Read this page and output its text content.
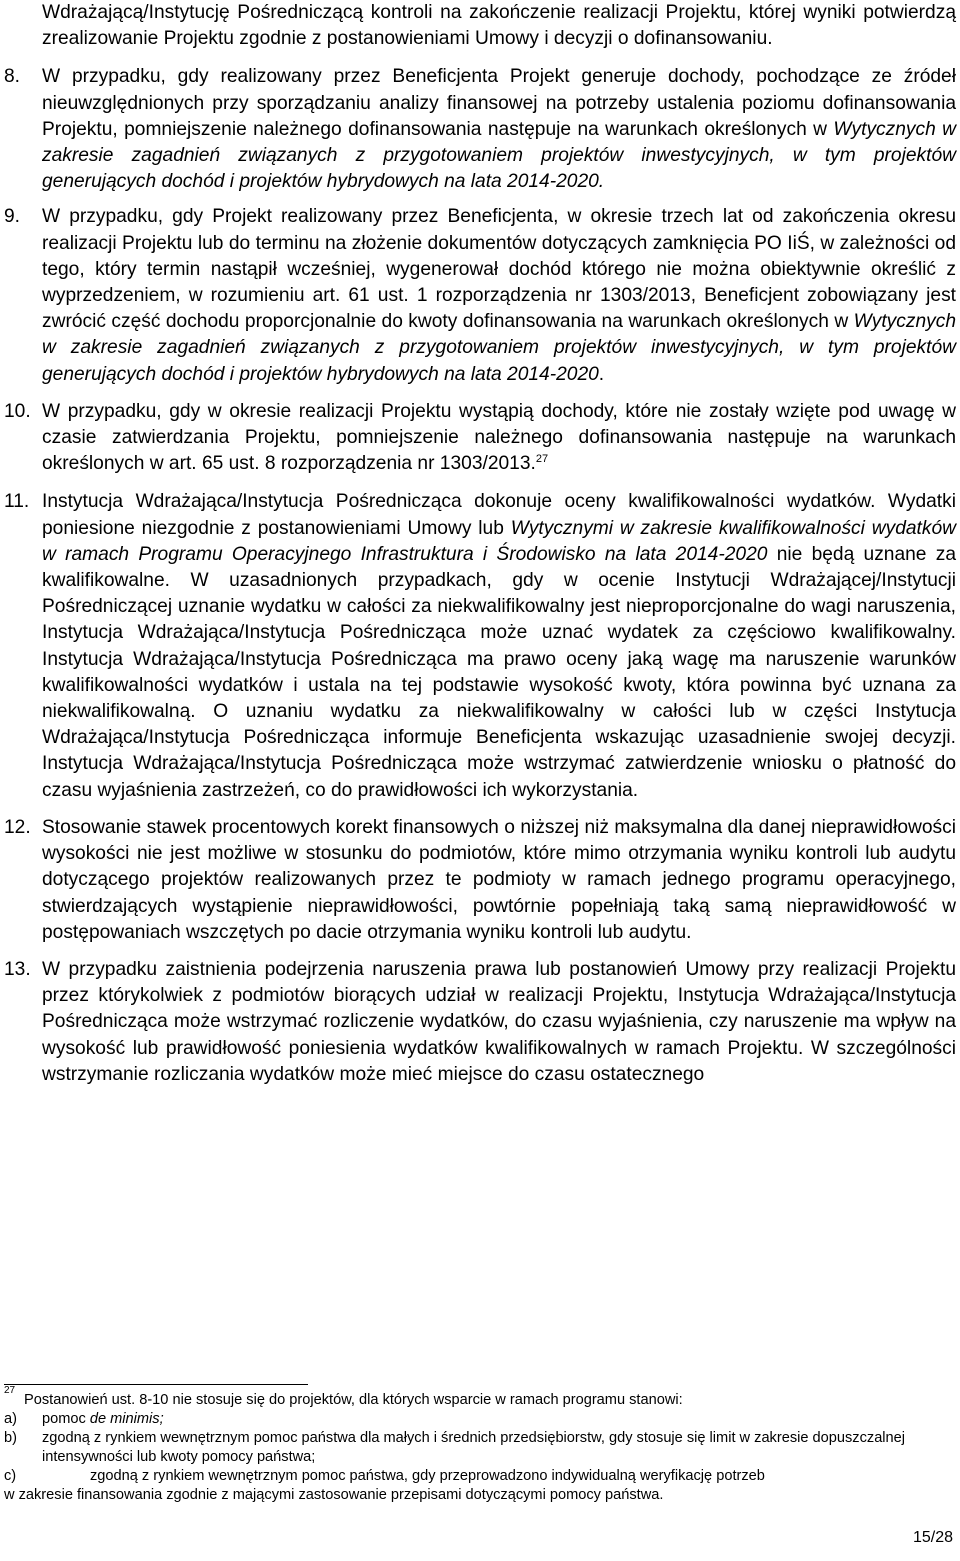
Wdrażającą/Instytucję Pośredniczącą kontroli na zakończenie realizacji Projektu, której wyniki potwierdzą zrealizowanie Projektu zgodnie z postanowieniami Umowy i decyzji o dofinansowaniu.

8. W przypadku, gdy realizowany przez Beneficjenta Projekt generuje dochody, pochodzące ze źródeł nieuwzględnionych przy sporządzaniu analizy finansowej na potrzeby ustalenia poziomu dofinansowania Projektu, pomniejszenie należnego dofinansowania następuje na warunkach określonych w Wytycznych w zakresie zagadnień związanych z przygotowaniem projektów inwestycyjnych, w tym projektów generujących dochód i projektów hybrydowych na lata 2014-2020.
9. W przypadku, gdy Projekt realizowany przez Beneficjenta, w okresie trzech lat od zakończenia okresu realizacji Projektu lub do terminu na złożenie dokumentów dotyczących zamknięcia PO IiŚ, w zależności od tego, który termin nastąpił wcześniej, wygenerował dochód którego nie można obiektywnie określić z wyprzedzeniem, w rozumieniu art. 61 ust. 1 rozporządzenia nr 1303/2013, Beneficjent zobowiązany jest zwrócić część dochodu proporcjonalnie do kwoty dofinansowania na warunkach określonych w Wytycznych w zakresie zagadnień związanych z przygotowaniem projektów inwestycyjnych, w tym projektów generujących dochód i projektów hybrydowych na lata 2014-2020.
10. W przypadku, gdy w okresie realizacji Projektu wystąpią dochody, które nie zostały wzięte pod uwagę w czasie zatwierdzania Projektu, pomniejszenie należnego dofinansowania następuje na warunkach określonych w art. 65 ust. 8 rozporządzenia nr 1303/2013.27
11. Instytucja Wdrażająca/Instytucja Pośrednicząca dokonuje oceny kwalifikowalności wydatków. Wydatki poniesione niezgodnie z postanowieniami Umowy lub Wytycznymi w zakresie kwalifikowalności wydatków w ramach Programu Operacyjnego Infrastruktura i Środowisko na lata 2014-2020 nie będą uznane za kwalifikowalne. W uzasadnionych przypadkach, gdy w ocenie Instytucji Wdrażającej/Instytucji Pośredniczącej uznanie wydatku w całości za niekwalifikowalny jest nieproporcjonalne do wagi naruszenia, Instytucja Wdrażająca/Instytucja Pośrednicząca może uznać wydatek za częściowo kwalifikowalny. Instytucja Wdrażająca/Instytucja Pośrednicząca ma prawo oceny jaką wagę ma naruszenie warunków kwalifikowalności wydatków i ustala na tej podstawie wysokość kwoty, która powinna być uznana za niekwalifikowalną. O uznaniu wydatku za niekwalifikowalny w całości lub w części Instytucja Wdrażająca/Instytucja Pośrednicząca informuje Beneficjenta wskazując uzasadnienie swojej decyzji. Instytucja Wdrażająca/Instytucja Pośrednicząca może wstrzymać zatwierdzenie wniosku o płatność do czasu wyjaśnienia zastrzeżeń, co do prawidłowości ich wykorzystania.
12. Stosowanie stawek procentowych korekt finansowych o niższej niż maksymalna dla danej nieprawidłowości wysokości nie jest możliwe w stosunku do podmiotów, które mimo otrzymania wyniku kontroli lub audytu dotyczącego projektów realizowanych przez te podmioty w ramach jednego programu operacyjnego, stwierdzających wystąpienie nieprawidłowości, powtórnie popełniają taką samą nieprawidłowość w postępowaniach wszczętych po dacie otrzymania wyniku kontroli lub audytu.
13. W przypadku zaistnienia podejrzenia naruszenia prawa lub postanowień Umowy przy realizacji Projektu przez którykolwiek z podmiotów biorących udział w realizacji Projektu, Instytucja Wdrażająca/Instytucja Pośrednicząca może wstrzymać rozliczenie wydatków, do czasu wyjaśnienia, czy naruszenie ma wpływ na wysokość lub prawidłowość poniesienia wydatków kwalifikowalnych w ramach Projektu. W szczególności wstrzymanie rozliczania wydatków może mieć miejsce do czasu ostatecznego
27
Postanowień ust. 8-10 nie stosuje się do projektów, dla których wsparcie w ramach programu stanowi:
a) pomoc de minimis;
b) zgodną z rynkiem wewnętrznym pomoc państwa dla małych i średnich przedsiębiorstw, gdy stosuje się limit w zakresie dopuszczalnej intensywności lub kwoty pomocy państwa;
c)	zgodną z rynkiem wewnętrznym pomoc państwa, gdy przeprowadzono indywidualną weryfikację potrzeb
w zakresie finansowania zgodnie z mającymi zastosowanie przepisami dotyczącymi pomocy państwa.
15/28
